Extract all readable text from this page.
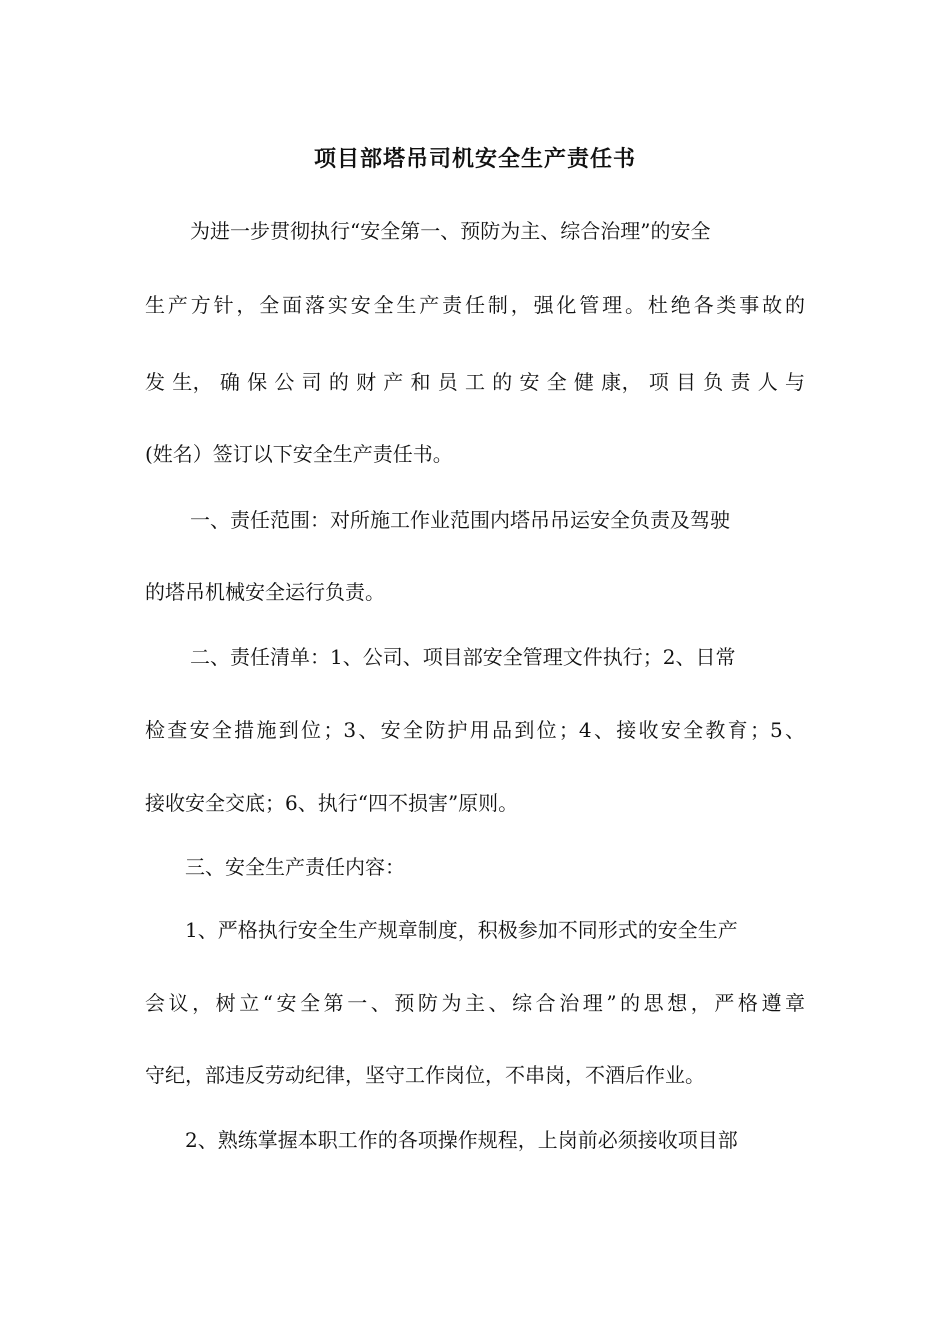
项目部塔吊司机安全生产责任书
为进一步贯彻执行“安全第一、预防为主、综合治理”的安全
生产方针，全面落实安全生产责任制，强化管理。杜绝各类事故的
发 生， 确 保 公 司 的 财 产 和 员 工 的 安 全 健 康， 项 目 负 责 人 与
(姓名）签订以下安全生产责任书。
一、责任范围：对所施工作业范围内塔吊吊运安全负责及驾驶
的塔吊机械安全运行负责。
二、责任清单：1、公司、项目部安全管理文件执行；2、日常
检查安全措施到位；3、安全防护用品到位；4、接收安全教育；5、
接收安全交底；6、执行“四不损害”原则。
三、安全生产责任内容：
1、严格执行安全生产规章制度，积极参加不同形式的安全生产
会议，树立“安全第一、预防为主、综合治理”的思想，严格遵章
守纪，部违反劳动纪律，坚守工作岗位，不串岗，不酒后作业。
2、熟练掌握本职工作的各项操作规程，上岗前必须接收项目部
